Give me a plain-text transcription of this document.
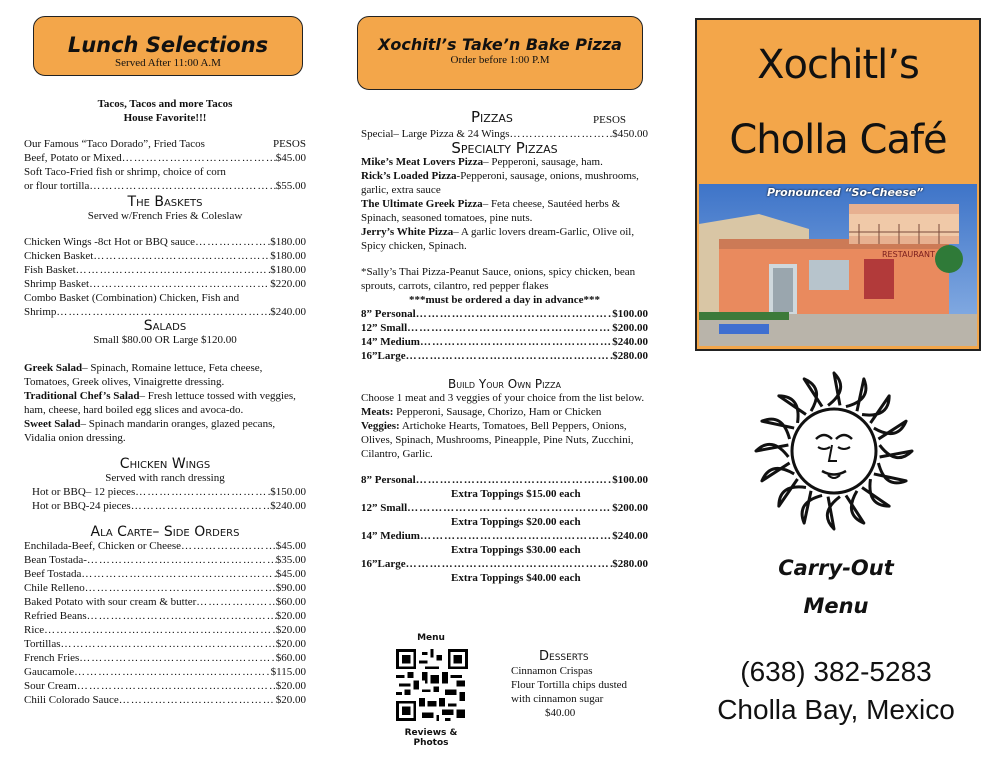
Lunch Selections
Served After 11:00 A.M
Tacos, Tacos and more Tacos
House Favorite!!!
Our Famous “Taco Dorado”, Fried Tacos	PESOS
Beef, Potato or Mixed ………………………………………………………………………………………………………………………………	$45.00
Soft Taco-Fried fish or shrimp, choice of corn
or flour tortilla ………………………………………………………………………………………………………………………………	$55.00
The Baskets
Served w/French Fries & Coleslaw
Chicken Wings -8ct Hot or BBQ sauce ………………………………………………………………………………………………………………………………	$180.00
Chicken Basket ………………………………………………………………………………………………………………………………	$180.00
Fish Basket ………………………………………………………………………………………………………………………………	$180.00
Shrimp Basket ………………………………………………………………………………………………………………………………	$220.00
Combo Basket (Combination) Chicken, Fish and
Shrimp ………………………………………………………………………………………………………………………………	$240.00
Salads
Small $80.00 OR Large $120.00
Greek Salad– Spinach, Romaine lettuce, Feta cheese, Tomatoes, Greek olives, Vinaigrette dressing.
Traditional Chef’s Salad– Fresh lettuce tossed with veggies, ham, cheese, hard boiled egg slices and avoca-do.
Sweet Salad– Spinach mandarin oranges, glazed pecans, Vidalia onion dressing.
Chicken Wings
Served with ranch dressing
Hot or BBQ– 12 pieces ………………………………………………………………………………………………………………………………	$150.00
Hot or BBQ-24 pieces ………………………………………………………………………………………………………………………………	$240.00
Ala Carte– Side Orders
Enchilada-Beef, Chicken or Cheese ………………………………………………………………………………………………………………………………	$45.00
Bean Tostada- ………………………………………………………………………………………………………………………………	$35.00
Beef Tostada ………………………………………………………………………………………………………………………………	$45.00
Chile Relleno ………………………………………………………………………………………………………………………………	$90.00
Baked Potato with sour cream & butter ………………………………………………………………………………………………………………………………	$60.00
Refried Beans ………………………………………………………………………………………………………………………………	$20.00
Rice ………………………………………………………………………………………………………………………………	$20.00
Tortillas ………………………………………………………………………………………………………………………………	$20.00
French Fries ………………………………………………………………………………………………………………………………	$60.00
Gaucamole ………………………………………………………………………………………………………………………………	$115.00
Sour Cream ………………………………………………………………………………………………………………………………	$20.00
Chili Colorado Sauce ………………………………………………………………………………………………………………………………	$20.00
Xochitl’s Take’n Bake Pizza
Order before 1:00 P.M
Pizzas	PESOS
Special– Large Pizza & 24 Wings ………………………………………………………………………………………………………………………………	$450.00
Specialty Pizzas
Mike’s Meat Lovers Pizza– Pepperoni, sausage, ham.
Rick’s Loaded Pizza-Pepperoni, sausage, onions, mushrooms, garlic, extra sauce
The Ultimate Greek Pizza– Feta cheese, Sautéed herbs & Spinach, seasoned tomatoes, pine nuts.
Jerry’s White Pizza– A garlic lovers dream-Garlic, Olive oil, Spicy chicken, Spinach.
*Sally’s Thai Pizza-Peanut Sauce, onions, spicy chicken, bean sprouts, carrots, cilantro, red pepper flakes
***must be ordered a day in advance***
8” Personal ………………………………………………………………………………………………………………………………	$100.00
12” Small ………………………………………………………………………………………………………………………………	$200.00
14” Medium ………………………………………………………………………………………………………………………………	$240.00
16”Large ………………………………………………………………………………………………………………………………	$280.00
Build Your Own Pizza
Choose 1 meat and 3 veggies of your choice from the list below.
Meats: Pepperoni, Sausage, Chorizo, Ham or Chicken
Veggies: Artichoke Hearts, Tomatoes, Bell Peppers, Onions, Olives, Spinach, Mushrooms, Pineapple, Pine Nuts, Zucchini, Cilantro, Garlic.
8” Personal ………………………………………………………………………………………………………………………………	$100.00
Extra Toppings $15.00 each
12” Small ………………………………………………………………………………………………………………………………	$200.00
Extra Toppings $20.00 each
14” Medium ………………………………………………………………………………………………………………………………	$240.00
Extra Toppings $30.00 each
16”Large ………………………………………………………………………………………………………………………………	$280.00
Extra Toppings $40.00 each
Menu
Reviews & Photos
Desserts
Cinnamon Crispas
Flour Tortilla chips dusted
with cinnamon sugar
$40.00
Xochitl’s
Cholla Café
RESTAURANT
Pronounced “So-Cheese”
Carry-Out
Menu
(638) 382-5283
Cholla Bay, Mexico
